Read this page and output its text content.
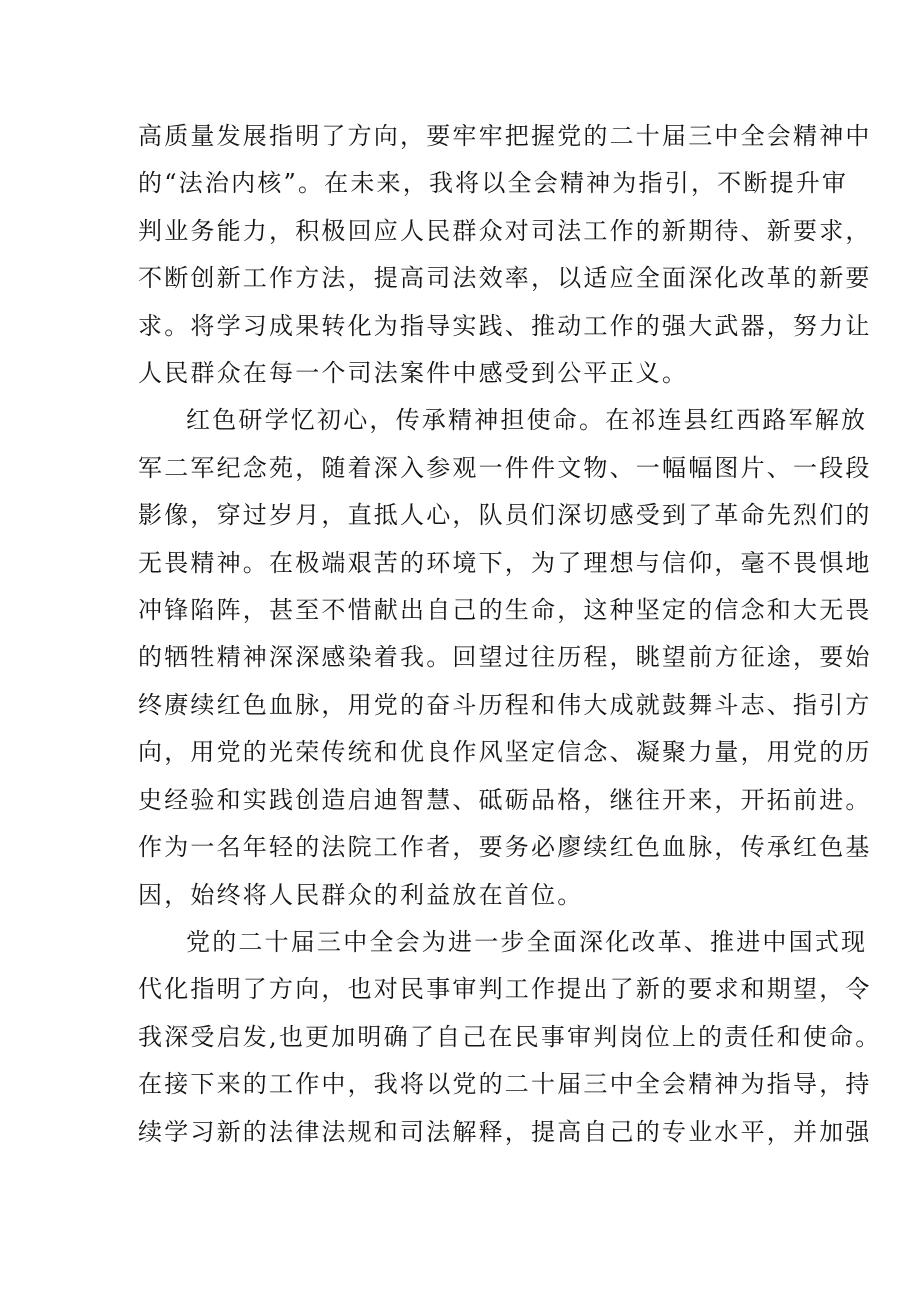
高质量发展指明了方向，要牢牢把握党的二十届三中全会精神中
的“法治内核”。在未来，我将以全会精神为指引，不断提升审
判业务能力，积极回应人民群众对司法工作的新期待、新要求，
不断创新工作方法，提高司法效率，以适应全面深化改革的新要
求。将学习成果转化为指导实践、推动工作的强大武器，努力让
人民群众在每一个司法案件中感受到公平正义。

红色研学忆初心，传承精神担使命。在祁连县红西路军解放
军二军纪念苑，随着深入参观一件件文物、一幅幅图片、一段段
影像，穿过岁月，直抵人心，队员们深切感受到了革命先烈们的
无畏精神。在极端艰苦的环境下，为了理想与信仰，毫不畏惧地
冲锋陷阵，甚至不惜献出自己的生命，这种坚定的信念和大无畏
的牺牲精神深深感染着我。回望过往历程，眺望前方征途，要始
终赓续红色血脉，用党的奋斗历程和伟大成就鼓舞斗志、指引方
向，用党的光荣传统和优良作风坚定信念、凝聚力量，用党的历
史经验和实践创造启迪智慧、砥砺品格，继往开来，开拓前进。
作为一名年轻的法院工作者，要务必廖续红色血脉，传承红色基
因，始终将人民群众的利益放在首位。

党的二十届三中全会为进一步全面深化改革、推进中国式现
代化指明了方向，也对民事审判工作提出了新的要求和期望，令
我深受启发,也更加明确了自己在民事审判岗位上的责任和使命。
在接下来的工作中，我将以党的二十届三中全会精神为指导，持
续学习新的法律法规和司法解释，提高自己的专业水平，并加强
